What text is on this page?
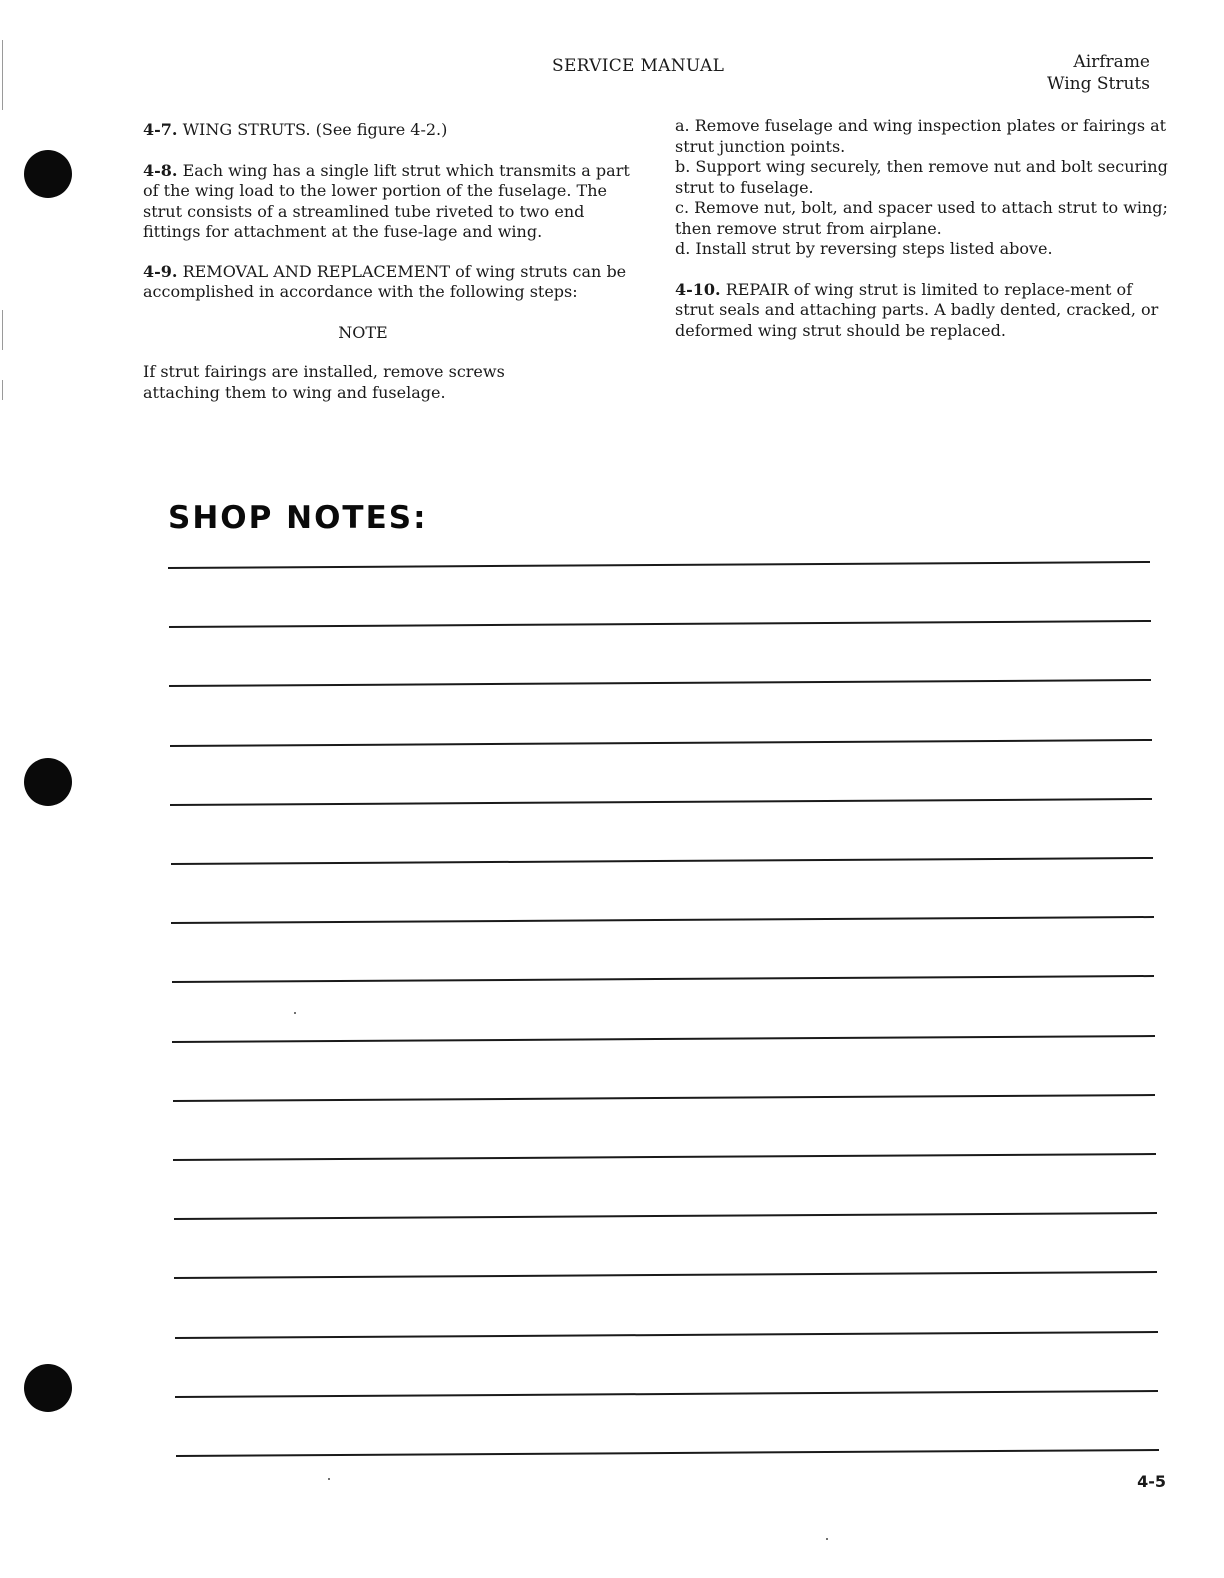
SERVICE MANUAL	Airframe
Wing Struts

4-7. WING STRUTS. (See figure 4-2.)

4-8. Each wing has a single lift strut which transmits a part of the wing load to the lower portion of the fuselage. The strut consists of a streamlined tube riveted to two end fittings for attachment at the fuse-lage and wing.

4-9. REMOVAL AND REPLACEMENT of wing struts can be accomplished in accordance with the following steps:

NOTE

If strut fairings are installed, remove screws attaching them to wing and fuselage.

a. Remove fuselage and wing inspection plates or fairings at strut junction points.

b. Support wing securely, then remove nut and bolt securing strut to fuselage.

c. Remove nut, bolt, and spacer used to attach strut to wing; then remove strut from airplane.

d. Install strut by reversing steps listed above.

4-10. REPAIR of wing strut is limited to replace-ment of strut seals and attaching parts. A badly dented, cracked, or deformed wing strut should be replaced.

SHOP NOTES:
4-5
